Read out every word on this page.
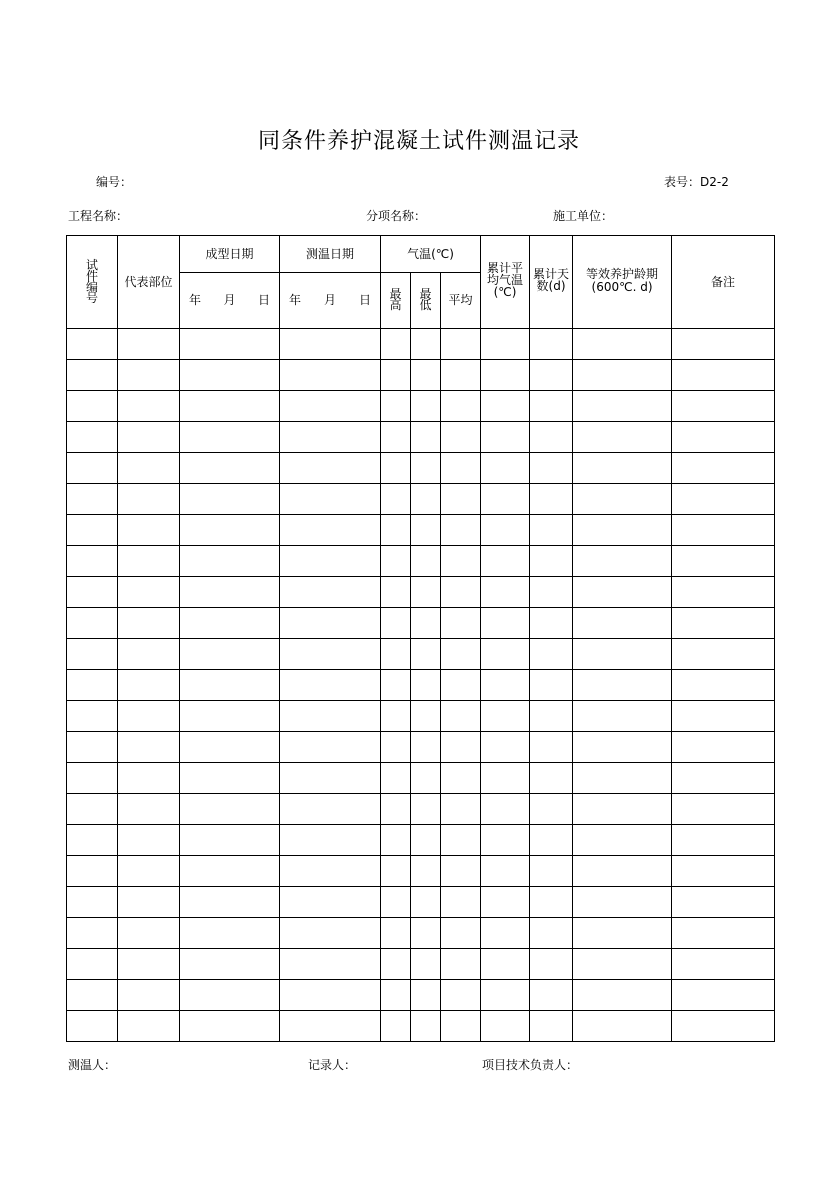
同条件养护混凝土试件测温记录
编号：	表号：D2-2
工程名称：	分项名称：	施工单位：
试件编号	代表部位	成型日期	测温日期	气温(℃)			累计平均气温(℃)	累计天数(d)	等效养护龄期(600℃. d)	备注

		年 月 日	年 月 日	最高	最低	平均				

测温人：	记录人：	项目技术负责人：
